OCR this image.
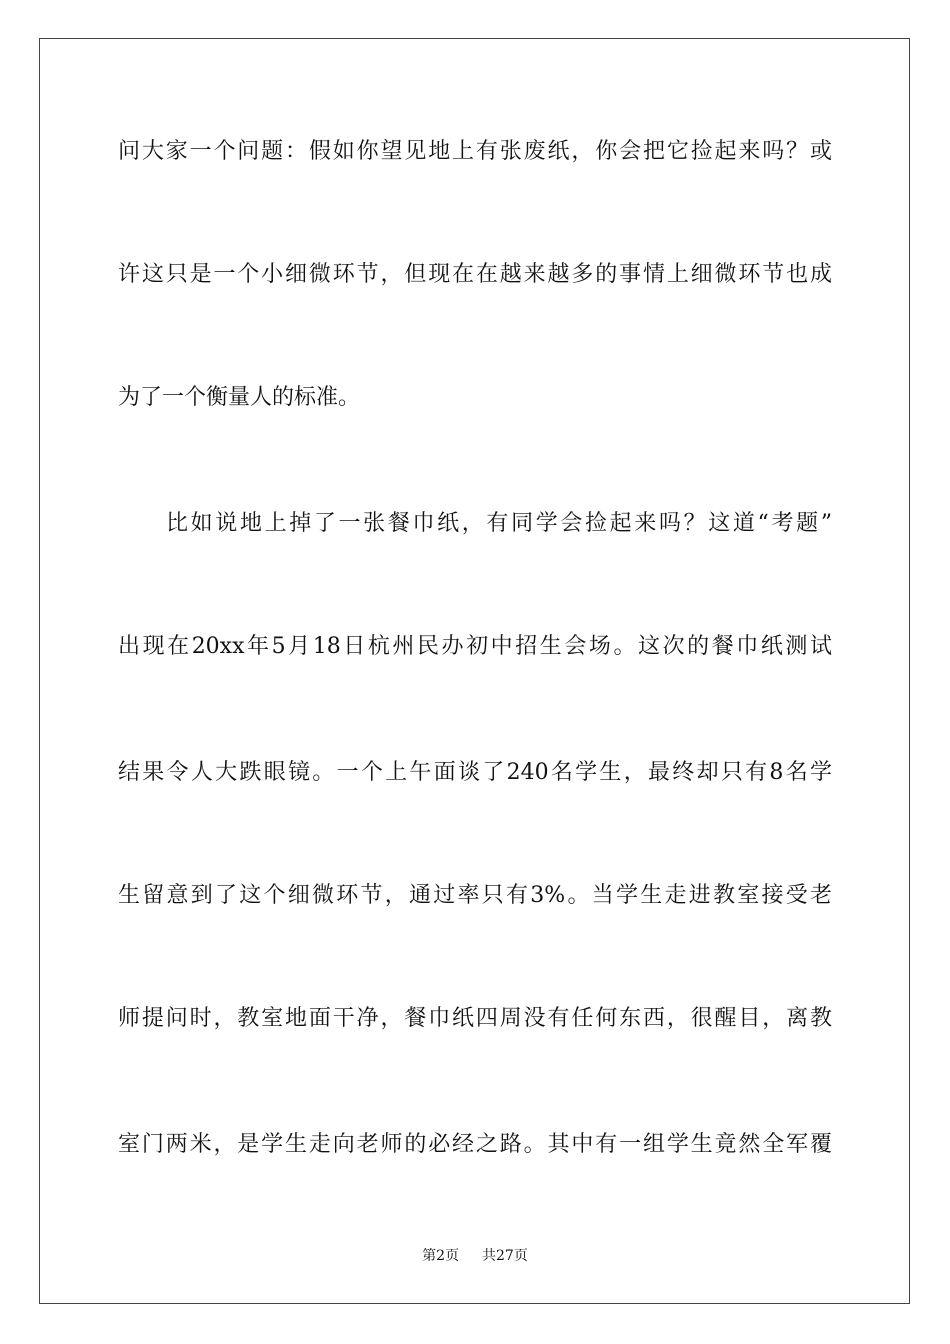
问大家一个问题：假如你望见地上有张废纸，你会把它捡起来吗？或
许这只是一个小细微环节，但现在在越来越多的事情上细微环节也成
为了一个衡量人的标准。
比如说地上掉了一张餐巾纸，有同学会捡起来吗？这道“考题”
出现在20xx年5月18日杭州民办初中招生会场。这次的餐巾纸测试
结果令人大跌眼镜。一个上午面谈了240名学生，最终却只有8名学
生留意到了这个细微环节，通过率只有3%。当学生走进教室接受老
师提问时，教室地面干净，餐巾纸四周没有任何东西，很醒目，离教
室门两米，是学生走向老师的必经之路。其中有一组学生竟然全军覆
第2页 共27页
